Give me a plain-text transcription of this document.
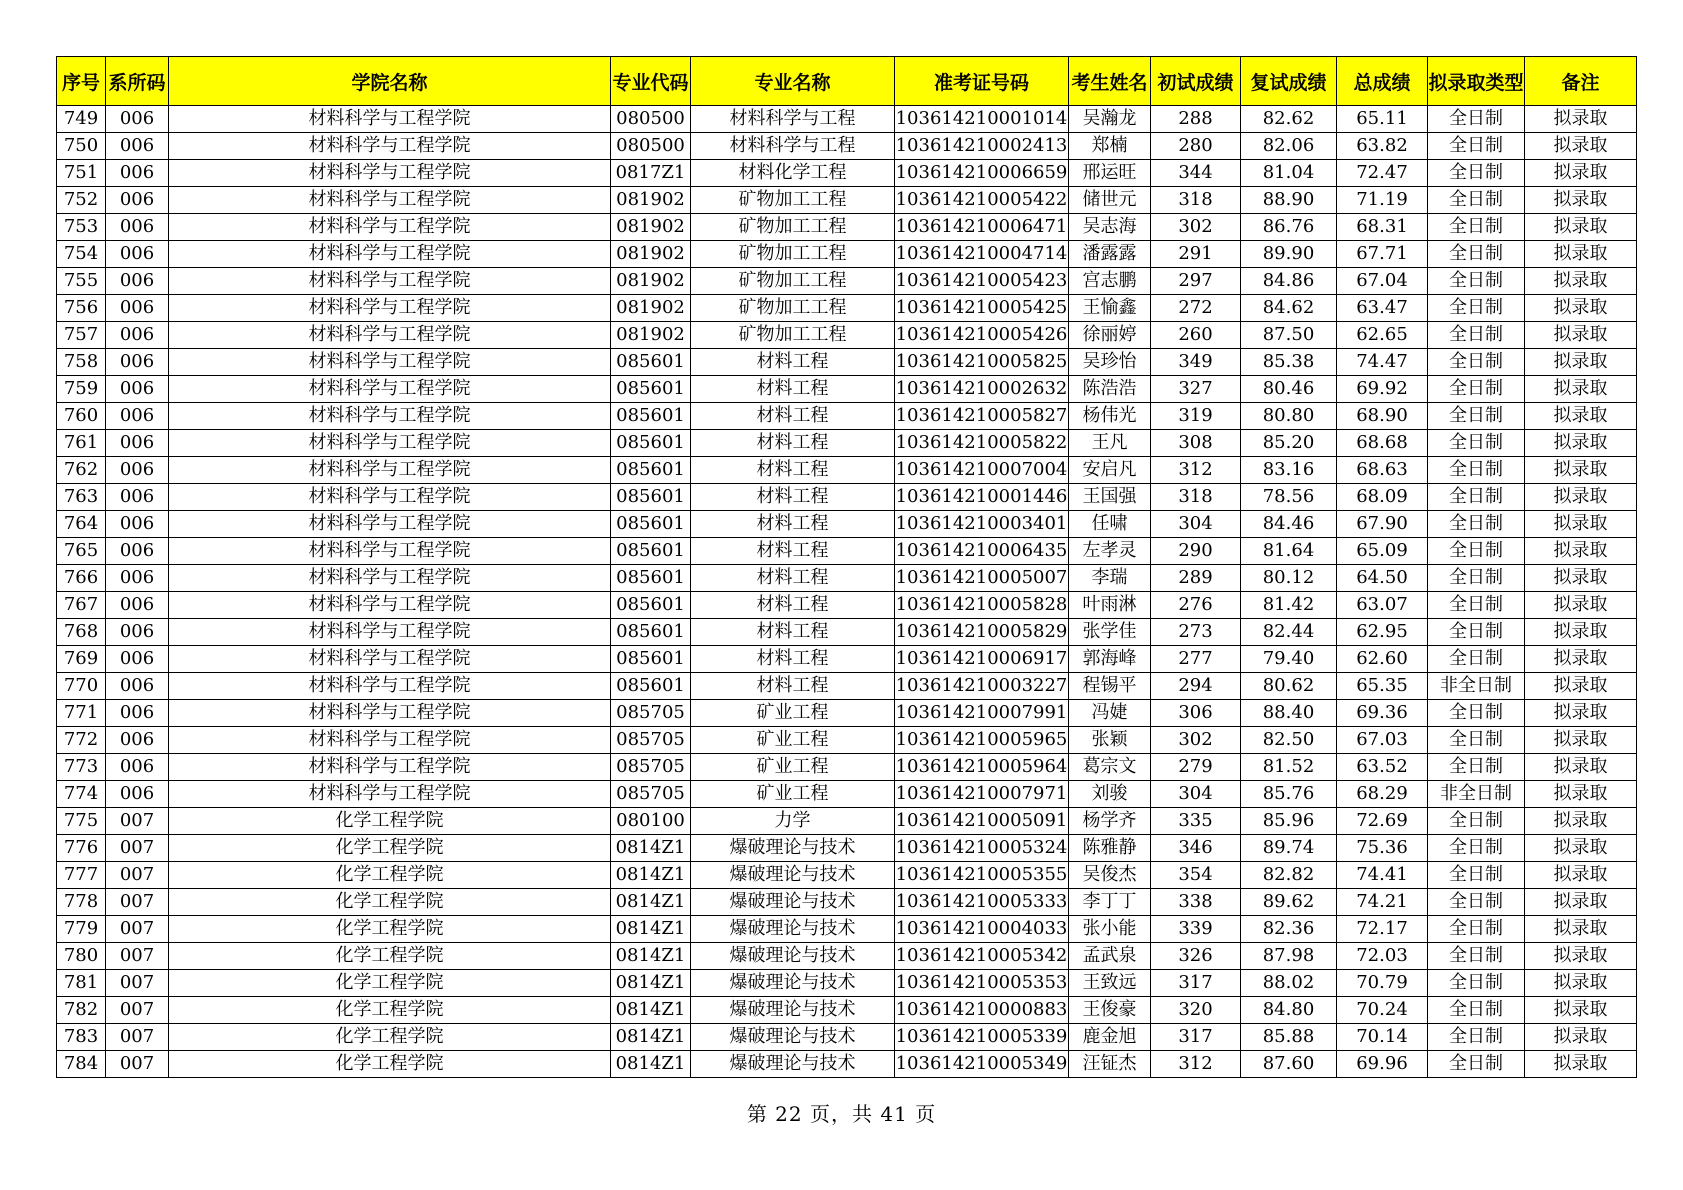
序号	系所码	学院名称	专业代码	专业名称	准考证号码	考生姓名	初试成绩	复试成绩	总成绩	拟录取类型	备注
749	006	材料科学与工程学院	080500	材料科学与工程	103614210001014	吴瀚龙	288	82.62	65.11	全日制	拟录取
750	006	材料科学与工程学院	080500	材料科学与工程	103614210002413	郑楠	280	82.06	63.82	全日制	拟录取
751	006	材料科学与工程学院	0817Z1	材料化学工程	103614210006659	邢运旺	344	81.04	72.47	全日制	拟录取
752	006	材料科学与工程学院	081902	矿物加工工程	103614210005422	储世元	318	88.90	71.19	全日制	拟录取
753	006	材料科学与工程学院	081902	矿物加工工程	103614210006471	吴志海	302	86.76	68.31	全日制	拟录取
754	006	材料科学与工程学院	081902	矿物加工工程	103614210004714	潘露露	291	89.90	67.71	全日制	拟录取
755	006	材料科学与工程学院	081902	矿物加工工程	103614210005423	宫志鹏	297	84.86	67.04	全日制	拟录取
756	006	材料科学与工程学院	081902	矿物加工工程	103614210005425	王愉鑫	272	84.62	63.47	全日制	拟录取
757	006	材料科学与工程学院	081902	矿物加工工程	103614210005426	徐丽婷	260	87.50	62.65	全日制	拟录取
758	006	材料科学与工程学院	085601	材料工程	103614210005825	吴珍怡	349	85.38	74.47	全日制	拟录取
759	006	材料科学与工程学院	085601	材料工程	103614210002632	陈浩浩	327	80.46	69.92	全日制	拟录取
760	006	材料科学与工程学院	085601	材料工程	103614210005827	杨伟光	319	80.80	68.90	全日制	拟录取
761	006	材料科学与工程学院	085601	材料工程	103614210005822	王凡	308	85.20	68.68	全日制	拟录取
762	006	材料科学与工程学院	085601	材料工程	103614210007004	安启凡	312	83.16	68.63	全日制	拟录取
763	006	材料科学与工程学院	085601	材料工程	103614210001446	王国强	318	78.56	68.09	全日制	拟录取
764	006	材料科学与工程学院	085601	材料工程	103614210003401	任啸	304	84.46	67.90	全日制	拟录取
765	006	材料科学与工程学院	085601	材料工程	103614210006435	左孝灵	290	81.64	65.09	全日制	拟录取
766	006	材料科学与工程学院	085601	材料工程	103614210005007	李瑞	289	80.12	64.50	全日制	拟录取
767	006	材料科学与工程学院	085601	材料工程	103614210005828	叶雨淋	276	81.42	63.07	全日制	拟录取
768	006	材料科学与工程学院	085601	材料工程	103614210005829	张学佳	273	82.44	62.95	全日制	拟录取
769	006	材料科学与工程学院	085601	材料工程	103614210006917	郭海峰	277	79.40	62.60	全日制	拟录取
770	006	材料科学与工程学院	085601	材料工程	103614210003227	程锡平	294	80.62	65.35	非全日制	拟录取
771	006	材料科学与工程学院	085705	矿业工程	103614210007991	冯婕	306	88.40	69.36	全日制	拟录取
772	006	材料科学与工程学院	085705	矿业工程	103614210005965	张颖	302	82.50	67.03	全日制	拟录取
773	006	材料科学与工程学院	085705	矿业工程	103614210005964	葛宗文	279	81.52	63.52	全日制	拟录取
774	006	材料科学与工程学院	085705	矿业工程	103614210007971	刘骏	304	85.76	68.29	非全日制	拟录取
775	007	化学工程学院	080100	力学	103614210005091	杨学齐	335	85.96	72.69	全日制	拟录取
776	007	化学工程学院	0814Z1	爆破理论与技术	103614210005324	陈雅静	346	89.74	75.36	全日制	拟录取
777	007	化学工程学院	0814Z1	爆破理论与技术	103614210005355	吴俊杰	354	82.82	74.41	全日制	拟录取
778	007	化学工程学院	0814Z1	爆破理论与技术	103614210005333	李丁丁	338	89.62	74.21	全日制	拟录取
779	007	化学工程学院	0814Z1	爆破理论与技术	103614210004033	张小能	339	82.36	72.17	全日制	拟录取
780	007	化学工程学院	0814Z1	爆破理论与技术	103614210005342	孟武泉	326	87.98	72.03	全日制	拟录取
781	007	化学工程学院	0814Z1	爆破理论与技术	103614210005353	王致远	317	88.02	70.79	全日制	拟录取
782	007	化学工程学院	0814Z1	爆破理论与技术	103614210000883	王俊豪	320	84.80	70.24	全日制	拟录取
783	007	化学工程学院	0814Z1	爆破理论与技术	103614210005339	鹿金旭	317	85.88	70.14	全日制	拟录取
784	007	化学工程学院	0814Z1	爆破理论与技术	103614210005349	汪钲杰	312	87.60	69.96	全日制	拟录取
第 22 页，共 41 页
